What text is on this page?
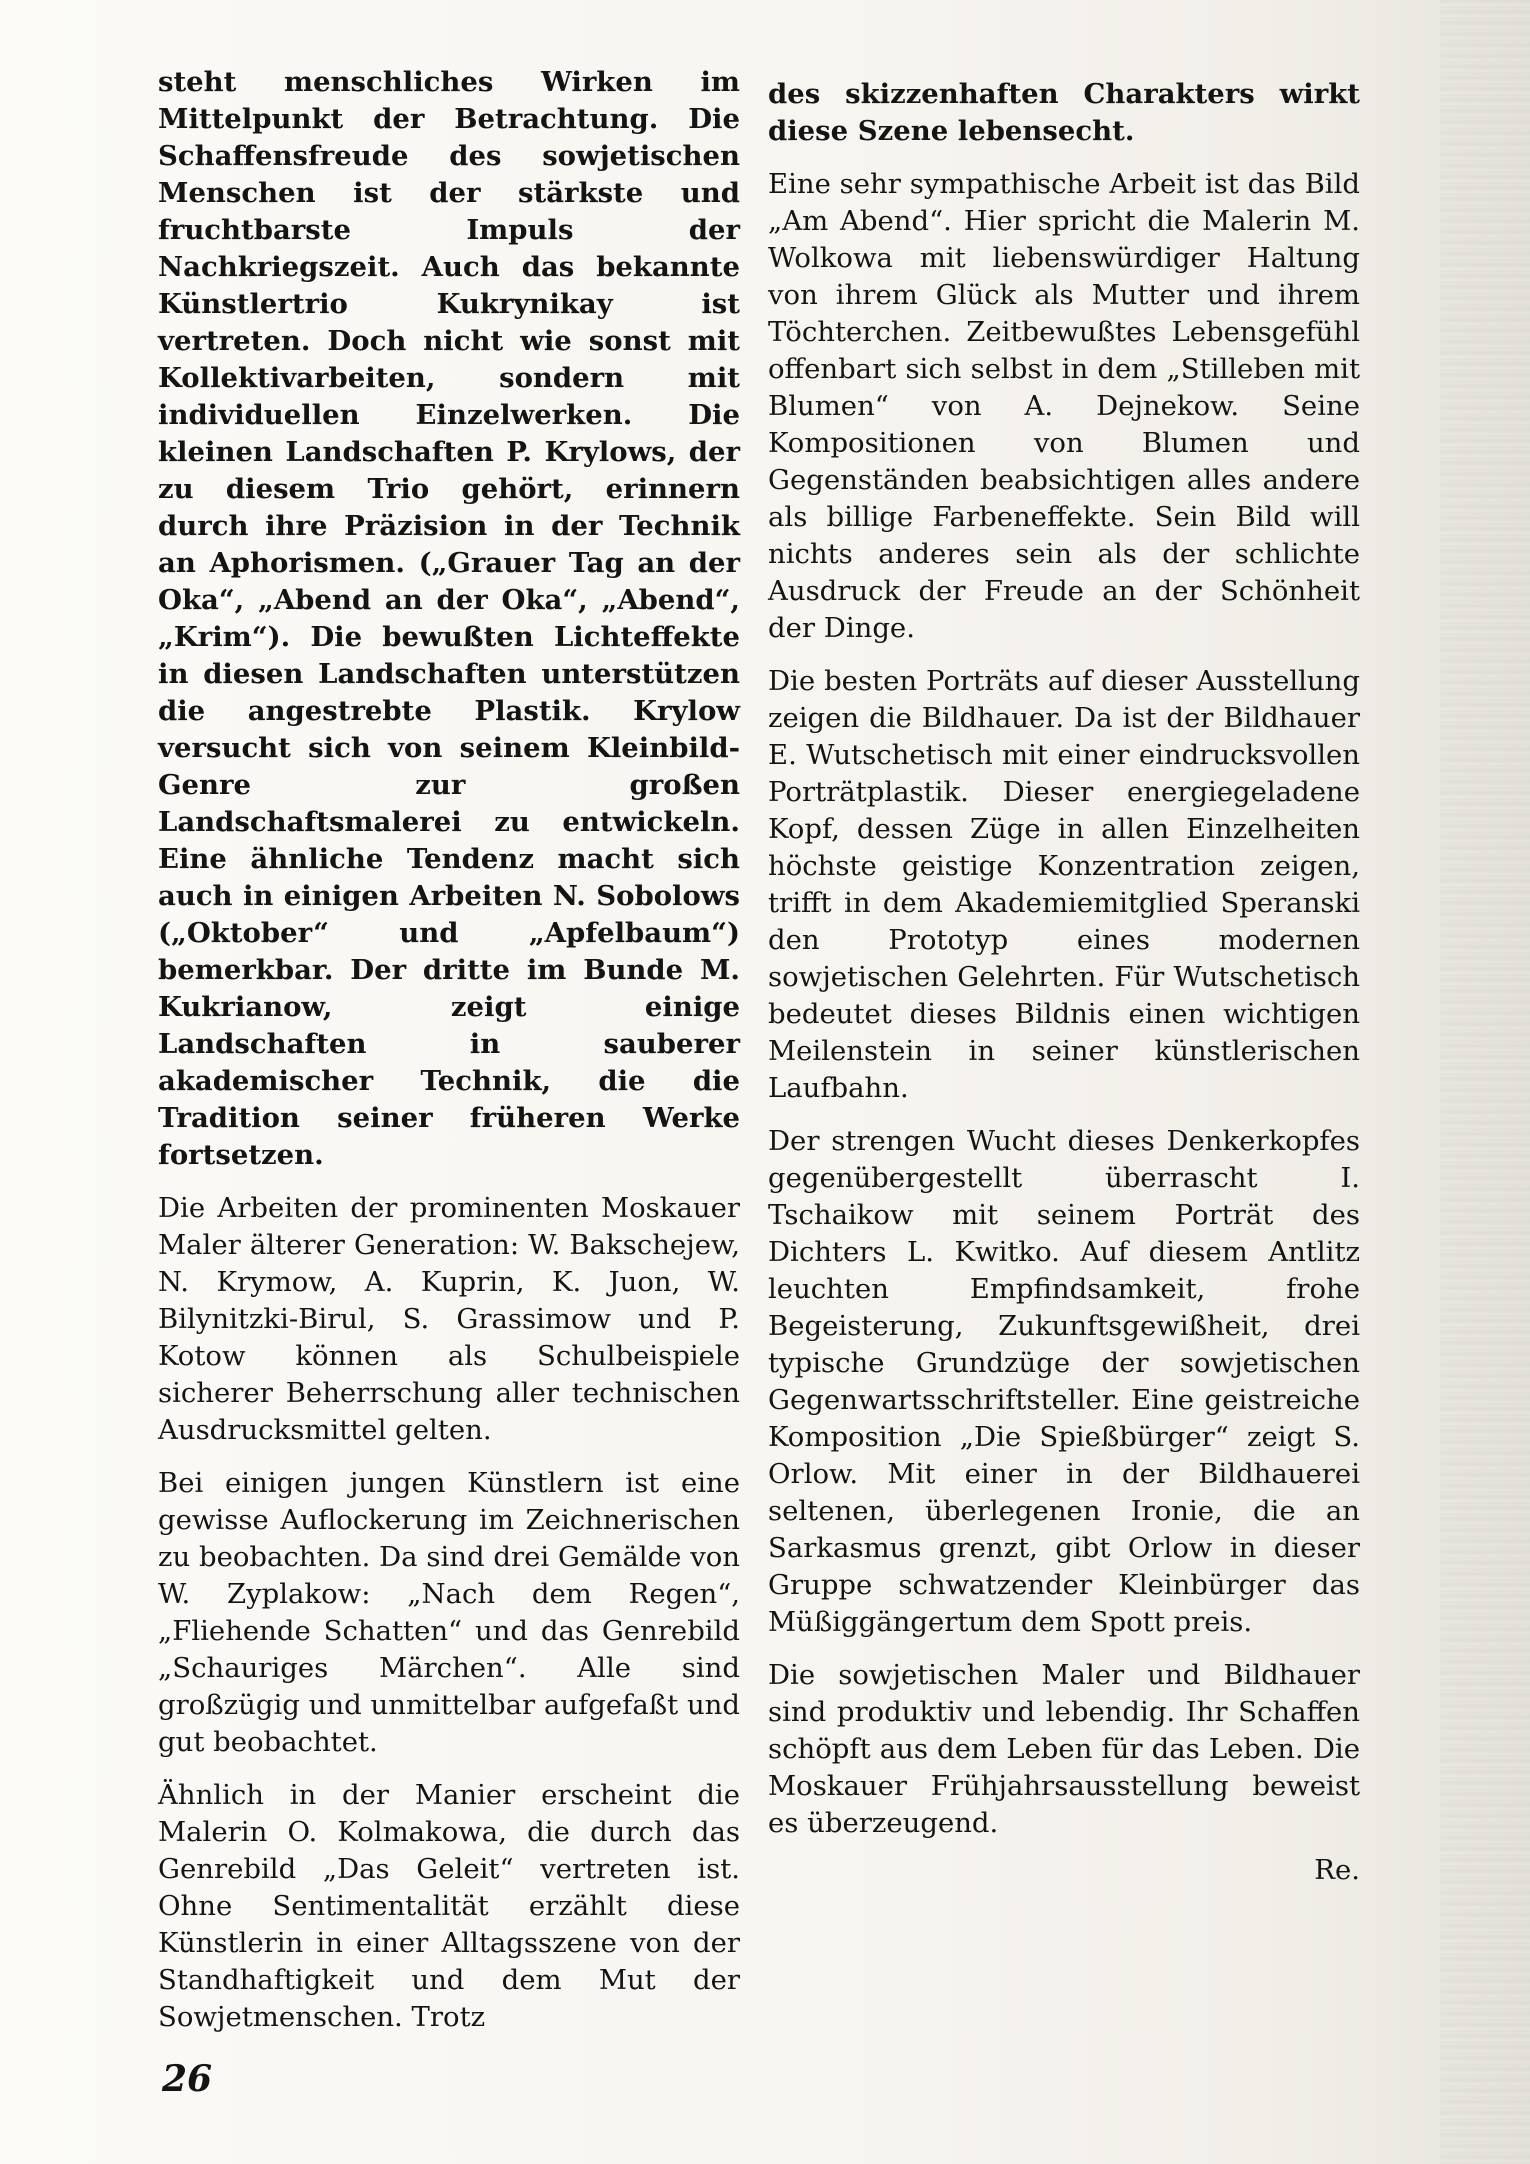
steht menschliches Wirken im Mittelpunkt der Betrachtung. Die Schaffensfreude des sowjetischen Menschen ist der stärkste und fruchtbarste Impuls der Nachkriegszeit. Auch das bekannte Künstlertrio Kukrynikay ist vertreten. Doch nicht wie sonst mit Kollektivarbeiten, sondern mit individuellen Einzelwerken. Die kleinen Landschaften P. Krylows, der zu diesem Trio gehört, erinnern durch ihre Präzision in der Technik an Aphorismen. („Grauer Tag an der Oka“, „Abend an der Oka“, „Abend“, „Krim“). Die bewußten Lichteffekte in diesen Landschaften unterstützen die angestrebte Plastik. Krylow versucht sich von seinem Kleinbild-Genre zur großen Landschaftsmalerei zu entwickeln. Eine ähnliche Tendenz macht sich auch in einigen Arbeiten N. Sobolows („Oktober“ und „Apfelbaum“) bemerkbar. Der dritte im Bunde M. Kukrianow, zeigt einige Landschaften in sauberer akademischer Technik, die die Tradition seiner früheren Werke fortsetzen.

Die Arbeiten der prominenten Moskauer Maler älterer Generation: W. Bakschejew, N. Krymow, A. Kuprin, K. Juon, W. Bilynitzki-Birul, S. Grassimow und P. Kotow können als Schulbeispiele sicherer Beherrschung aller technischen Ausdrucksmittel gelten.

Bei einigen jungen Künstlern ist eine gewisse Auflockerung im Zeichnerischen zu beobachten. Da sind drei Gemälde von W. Zyplakow: „Nach dem Regen“, „Fliehende Schatten“ und das Genrebild „Schauriges Märchen“. Alle sind großzügig und unmittelbar aufgefaßt und gut beobachtet.

Ähnlich in der Manier erscheint die Malerin O. Kolmakowa, die durch das Genrebild „Das Geleit“ vertreten ist. Ohne Sentimentalität erzählt diese Künstlerin in einer Alltagsszene von der Standhaftigkeit und dem Mut der Sowjetmenschen. Trotz

des skizzenhaften Charakters wirkt diese Szene lebensecht.

Eine sehr sympathische Arbeit ist das Bild „Am Abend“. Hier spricht die Malerin M. Wolkowa mit liebenswürdiger Haltung von ihrem Glück als Mutter und ihrem Töchterchen. Zeitbewußtes Lebensgefühl offenbart sich selbst in dem „Stilleben mit Blumen“ von A. Dejnekow. Seine Kompositionen von Blumen und Gegenständen beabsichtigen alles andere als billige Farbeneffekte. Sein Bild will nichts anderes sein als der schlichte Ausdruck der Freude an der Schönheit der Dinge.

Die besten Porträts auf dieser Ausstellung zeigen die Bildhauer. Da ist der Bildhauer E. Wutschetisch mit einer eindrucksvollen Porträtplastik. Dieser energiegeladene Kopf, dessen Züge in allen Einzelheiten höchste geistige Konzentration zeigen, trifft in dem Akademiemitglied Speranski den Prototyp eines modernen sowjetischen Gelehrten. Für Wutschetisch bedeutet dieses Bildnis einen wichtigen Meilenstein in seiner künstlerischen Laufbahn.

Der strengen Wucht dieses Denkerkopfes gegenübergestellt überrascht I. Tschaikow mit seinem Porträt des Dichters L. Kwitko. Auf diesem Antlitz leuchten Empfindsamkeit, frohe Begeisterung, Zukunftsgewißheit, drei typische Grundzüge der sowjetischen Gegenwartsschriftsteller. Eine geistreiche Komposition „Die Spießbürger“ zeigt S. Orlow. Mit einer in der Bildhauerei seltenen, überlegenen Ironie, die an Sarkasmus grenzt, gibt Orlow in dieser Gruppe schwatzender Kleinbürger das Müßiggängertum dem Spott preis.

Die sowjetischen Maler und Bildhauer sind produktiv und lebendig. Ihr Schaffen schöpft aus dem Leben für das Leben. Die Moskauer Frühjahrsausstellung beweist es überzeugend.

Re.

26
